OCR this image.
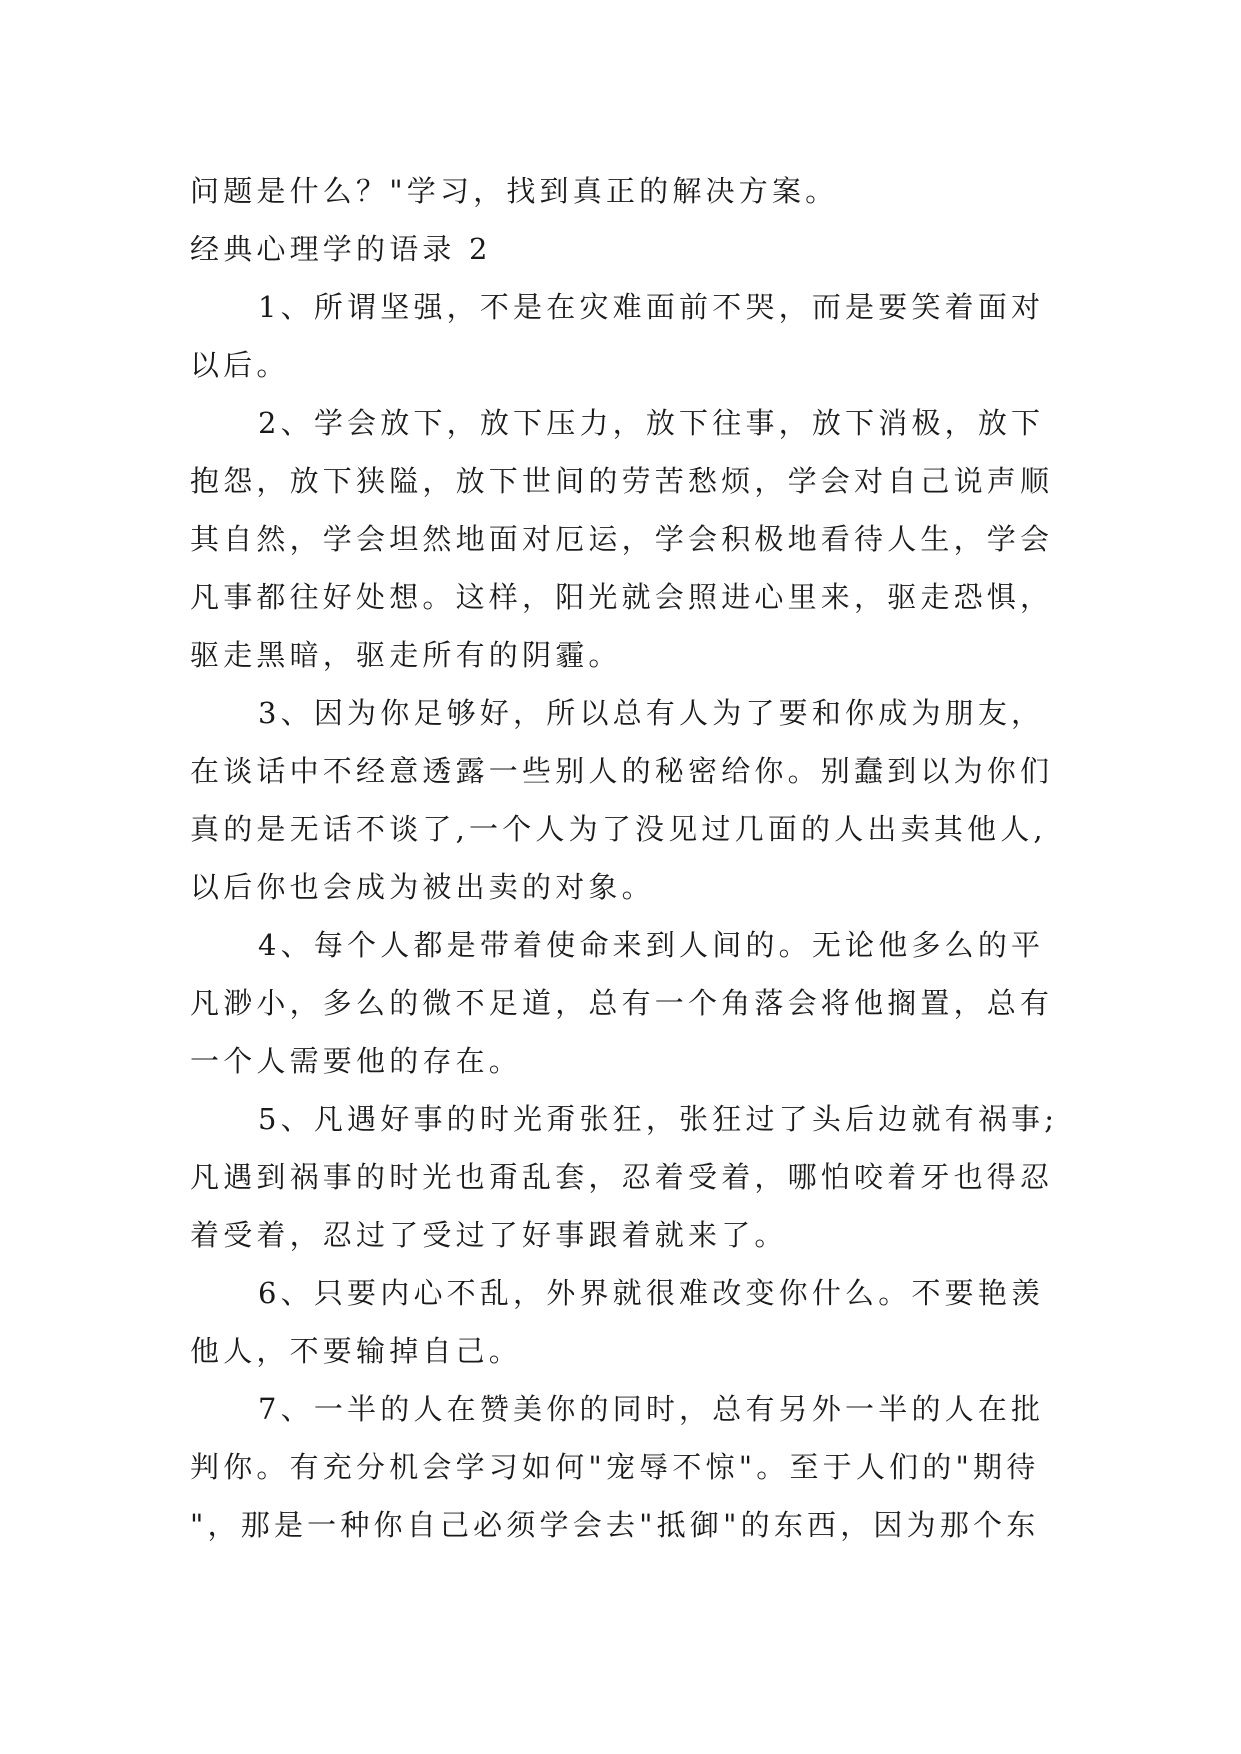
问题是什么？"学习，找到真正的解决方案。

经典心理学的语录 2

1、所谓坚强，不是在灾难面前不哭，而是要笑着面对

以后。

2、学会放下，放下压力，放下往事，放下消极，放下

抱怨，放下狭隘，放下世间的劳苦愁烦，学会对自己说声顺

其自然，学会坦然地面对厄运，学会积极地看待人生，学会

凡事都往好处想。这样，阳光就会照进心里来，驱走恐惧，

驱走黑暗，驱走所有的阴霾。

3、因为你足够好，所以总有人为了要和你成为朋友，

在谈话中不经意透露一些别人的秘密给你。别蠢到以为你们

真的是无话不谈了,一个人为了没见过几面的人出卖其他人,

以后你也会成为被出卖的对象。

4、每个人都是带着使命来到人间的。无论他多么的平

凡渺小，多么的微不足道，总有一个角落会将他搁置，总有

一个人需要他的存在。

5、凡遇好事的时光甭张狂，张狂过了头后边就有祸事;

凡遇到祸事的时光也甭乱套，忍着受着，哪怕咬着牙也得忍

着受着，忍过了受过了好事跟着就来了。

6、只要内心不乱，外界就很难改变你什么。不要艳羡

他人，不要输掉自己。

7、一半的人在赞美你的同时，总有另外一半的人在批

判你。有充分机会学习如何"宠辱不惊"。至于人们的"期待

"，那是一种你自己必须学会去"抵御"的东西，因为那个东
